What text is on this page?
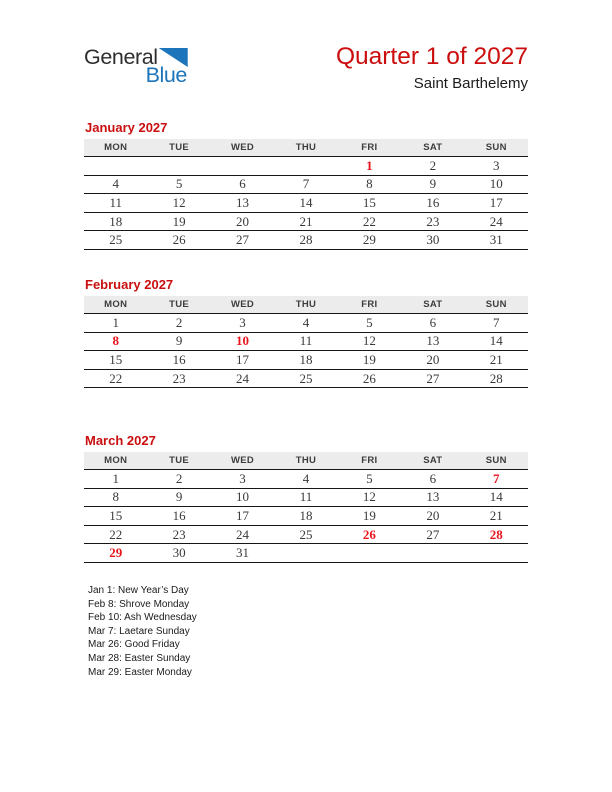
General
Blue
Quarter 1 of 2027
Saint Barthelemy
January 2027
MON	TUE	WED	THU	FRI	SAT	SUN
				1	2	3
4	5	6	7	8	9	10
11	12	13	14	15	16	17
18	19	20	21	22	23	24
25	26	27	28	29	30	31
February 2027
MON	TUE	WED	THU	FRI	SAT	SUN
1	2	3	4	5	6	7
8	9	10	11	12	13	14
15	16	17	18	19	20	21
22	23	24	25	26	27	28
March 2027
MON	TUE	WED	THU	FRI	SAT	SUN
1	2	3	4	5	6	7
8	9	10	11	12	13	14
15	16	17	18	19	20	21
22	23	24	25	26	27	28
29	30	31				
Jan 1: New Year’s Day
Feb 8: Shrove Monday
Feb 10: Ash Wednesday
Mar 7: Laetare Sunday
Mar 26: Good Friday
Mar 28: Easter Sunday
Mar 29: Easter Monday
